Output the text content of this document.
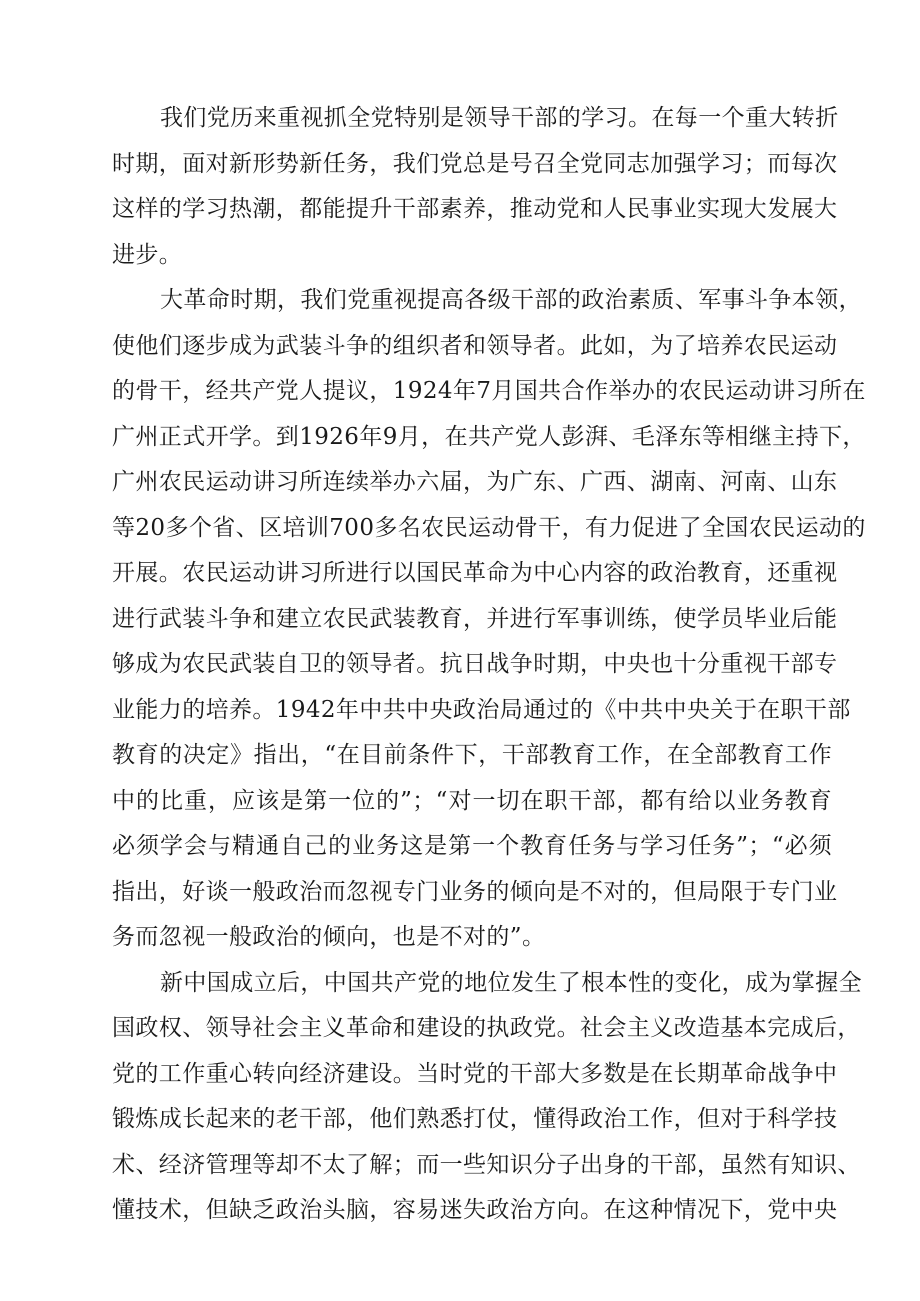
我们党历来重视抓全党特别是领导干部的学习。在每一个重大转折
时期，面对新形势新任务，我们党总是号召全党同志加强学习；而每次
这样的学习热潮，都能提升干部素养，推动党和人民事业实现大发展大
进步。
大革命时期，我们党重视提高各级干部的政治素质、军事斗争本领，
使他们逐步成为武装斗争的组织者和领导者。此如，为了培养农民运动
的骨干，经共产党人提议，1924年7月国共合作举办的农民运动讲习所在
广州正式开学。到1926年9月，在共产党人彭湃、毛泽东等相继主持下，
广州农民运动讲习所连续举办六届，为广东、广西、湖南、河南、山东
等20多个省、区培训700多名农民运动骨干，有力促进了全国农民运动的
开展。农民运动讲习所进行以国民革命为中心内容的政治教育，还重视
进行武装斗争和建立农民武装教育，并进行军事训练，使学员毕业后能
够成为农民武装自卫的领导者。抗日战争时期，中央也十分重视干部专
业能力的培养。1942年中共中央政治局通过的《中共中央关于在职干部
教育的决定》指出，“在目前条件下，干部教育工作，在全部教育工作
中的比重，应该是第一位的”；“对一切在职干部，都有给以业务教育
必须学会与精通自己的业务这是第一个教育任务与学习任务”；“必须
指出，好谈一般政治而忽视专门业务的倾向是不对的，但局限于专门业
务而忽视一般政治的倾向，也是不对的”。
新中国成立后，中国共产党的地位发生了根本性的变化，成为掌握全
国政权、领导社会主义革命和建设的执政党。社会主义改造基本完成后，
党的工作重心转向经济建设。当时党的干部大多数是在长期革命战争中
锻炼成长起来的老干部，他们熟悉打仗，懂得政治工作，但对于科学技
术、经济管理等却不太了解；而一些知识分子出身的干部，虽然有知识、
懂技术，但缺乏政治头脑，容易迷失政治方向。在这种情况下，党中央
